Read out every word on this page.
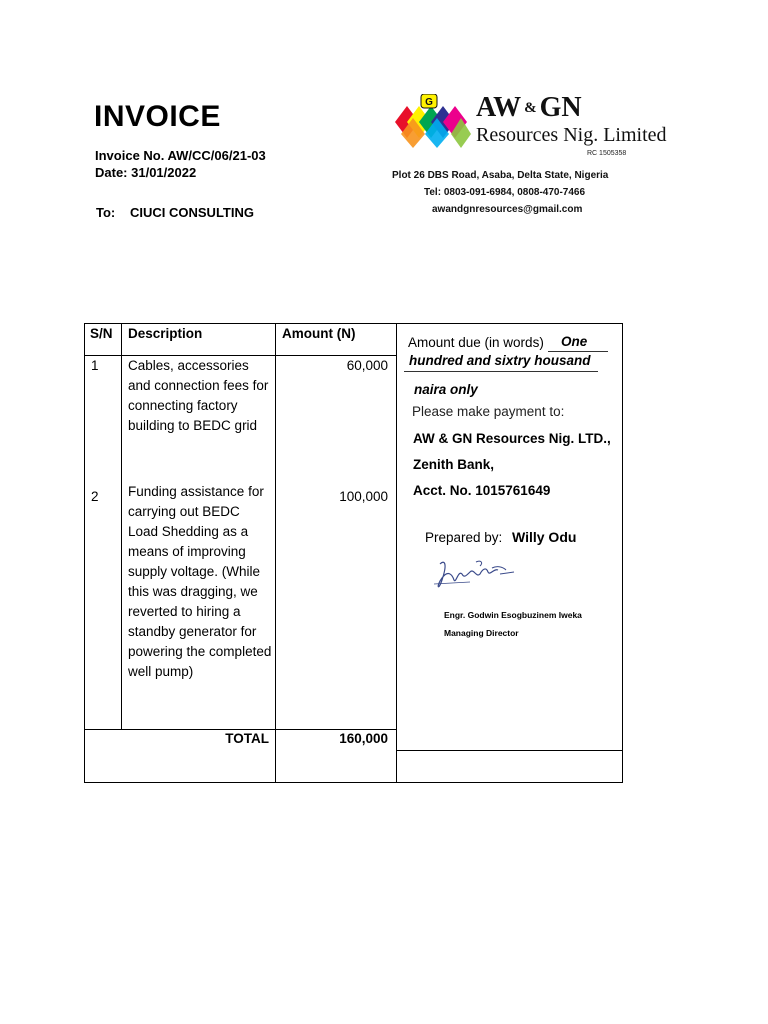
INVOICE
Invoice No. AW/CC/06/21-03
Date: 31/01/2022
To: CIUCI CONSULTING
G AW & GN
Resources Nig. Limited
RC 1505358
Plot 26 DBS Road, Asaba, Delta State, Nigeria
Tel: 0803-091-6984, 0808-470-7466
awandgnresources@gmail.com
S/N Description	Amount (N)
1 Cables, accessories and connection fees for connecting factory building to BEDC grid
60,000
2 Funding assistance for carrying out BEDC Load Shedding as a means of improving supply voltage. (While this was dragging, we reverted to hiring a standby generator for powering the completed well pump)
100,000
TOTAL	160,000
Amount due (in words) One
hundred and sixtry housand
naira only
Please make payment to:
AW & GN Resources Nig. LTD.,
Zenith Bank,
Acct. No. 1015761649
Prepared by: Willy Odu
Engr. Godwin Esogbuzinem Iweka
Managing Director
